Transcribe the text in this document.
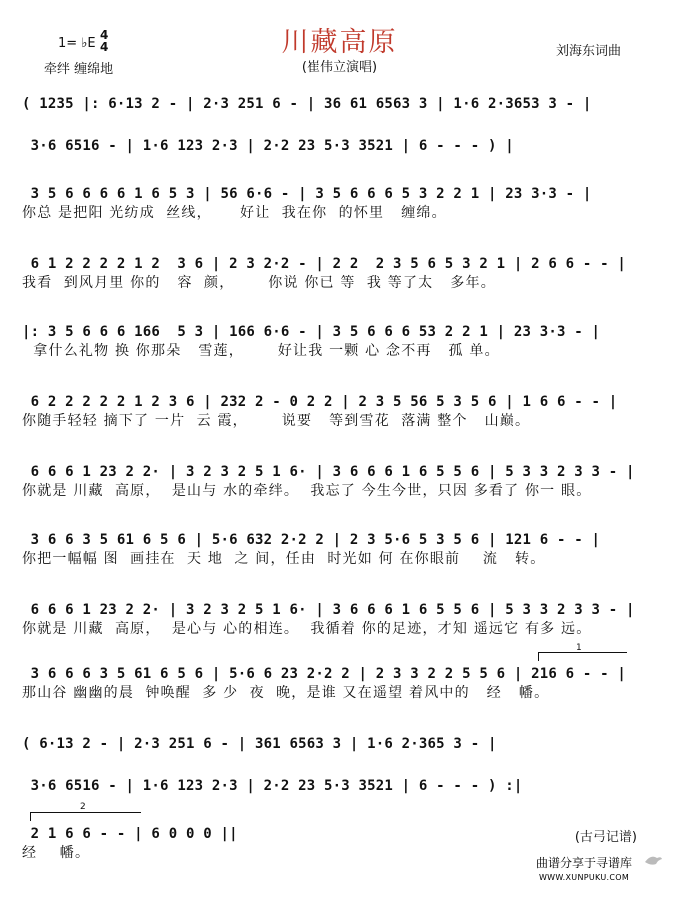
1= ♭E
4
4
牵绊 缠绵地
川藏高原
(崔伟立演唱)
刘海东词曲
( 1235 |: 6·13 2 - | 2·3 251 6 - | 36 61 6563 3 | 1·6 2·3653 3 - |
3·6 6516 - | 1·6 123 2·3 | 2·2 23 5·3 3521 | 6 - - - ) |
3 5 6 6 6 6 1 6 5 3 | 56 6·6 - | 3 5 6 6 6 5 3 2 2 1 | 23 3·3 - |
你总 是把阳 光纺成  丝线，     好让  我在你  的怀里   缠绵。
6 1 2 2 2 2 1 2  3 6 | 2 3 2·2 - | 2 2  2 3 5 6 5 3 2 1 | 2 6 6 - - |
我看  到风月里 你的   容  颜，      你说 你已 等  我 等了太   多年。
|: 3 5 6 6 6 166  5 3 | 166 6·6 - | 3 5 6 6 6 53 2 2 1 | 23 3·3 - |
拿什么礼物 换 你那朵   雪莲，      好让我 一颗 心 念不再   孤 单。
6 2 2 2 2 2 1 2 3 6 | 232 2 - 0 2 2 | 2 3 5 56 5 3 5 6 | 1 6 6 - - |
你随手轻轻 摘下了 一片  云 霞，      说要   等到雪花  落满 整个   山巅。
6 6 6 1 23 2 2· | 3 2 3 2 5 1 6· | 3 6 6 6 1 6 5 5 6 | 5 3 3 2 3 3 - |
你就是 川藏  高原，  是山与 水的牵绊。  我忘了 今生今世，只因 多看了 你一 眼。
3 6 6 3 5 61 6 5 6 | 5·6 632 2·2 2 | 2 3 5·6 5 3 5 6 | 121 6 - - |
你把一幅幅 图  画挂在  天 地  之 间，任由  时光如 何 在你眼前    流   转。
6 6 6 1 23 2 2· | 3 2 3 2 5 1 6· | 3 6 6 6 1 6 5 5 6 | 5 3 3 2 3 3 - |
你就是 川藏  高原，  是心与 心的相连。  我循着 你的足迹，才知 遥远它 有多 远。
1
3 6 6 6 3 5 61 6 5 6 | 5·6 6 23 2·2 2 | 2 3 3 2 2 5 5 6 | 216 6 - - |
那山谷 幽幽的晨  钟唤醒  多 少  夜  晚，是谁 又在遥望 着风中的   经   幡。
( 6·13 2 - | 2·3 251 6 - | 361 6563 3 | 1·6 2·365 3 - |
3·6 6516 - | 1·6 123 2·3 | 2·2 23 5·3 3521 | 6 - - - ) :|
2
2 1 6 6 - - | 6 0 0 0 ||
经    幡。
(古弓记谱)
曲谱分享于寻谱库
WWW.XUNPUKU.COM
